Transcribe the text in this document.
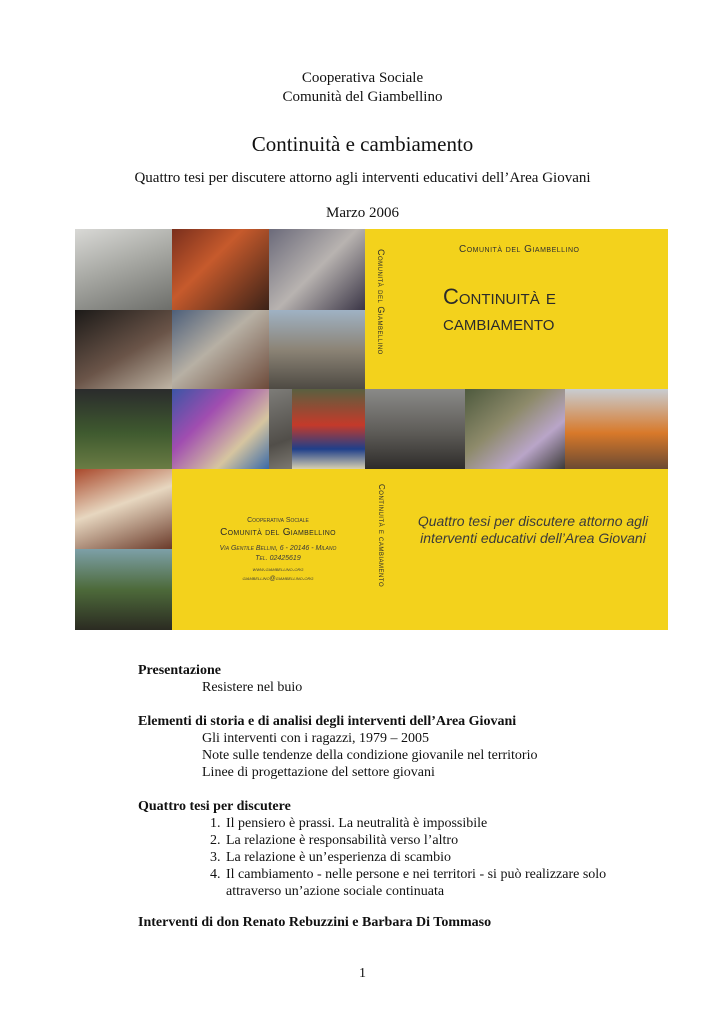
Cooperativa Sociale
Comunità del Giambellino
Continuità e cambiamento
Quattro tesi per discutere attorno agli interventi educativi dell’Area Giovani
Marzo 2006
Comunità del Giambellino
Continuità e cambiamento
Comunità del Giambellino
Continuità e cambiamento	Quattro tesi per discutere attorno agli interventi educativi dell’Area Giovani
Cooperativa Sociale
Comunità del Giambellino
Via Gentile Bellini, 6 - 20146 - Milano
Tel. 02425619
www.giambellino.org
giambellino@giambellino.org
Presentazione
Resistere nel buio
Elementi di storia e di analisi degli interventi dell’Area Giovani
Gli interventi con i ragazzi, 1979 – 2005
Note sulle tendenze della condizione giovanile nel territorio
Linee di progettazione del settore giovani
Quattro tesi per discutere
1. Il pensiero è prassi. La neutralità è impossibile
2. La relazione è responsabilità verso l’altro
3. La relazione è un’esperienza di scambio
4. Il cambiamento - nelle persone e nei territori - si può realizzare solo attraverso un’azione sociale continuata
Interventi di don Renato Rebuzzini e Barbara Di Tommaso
1
